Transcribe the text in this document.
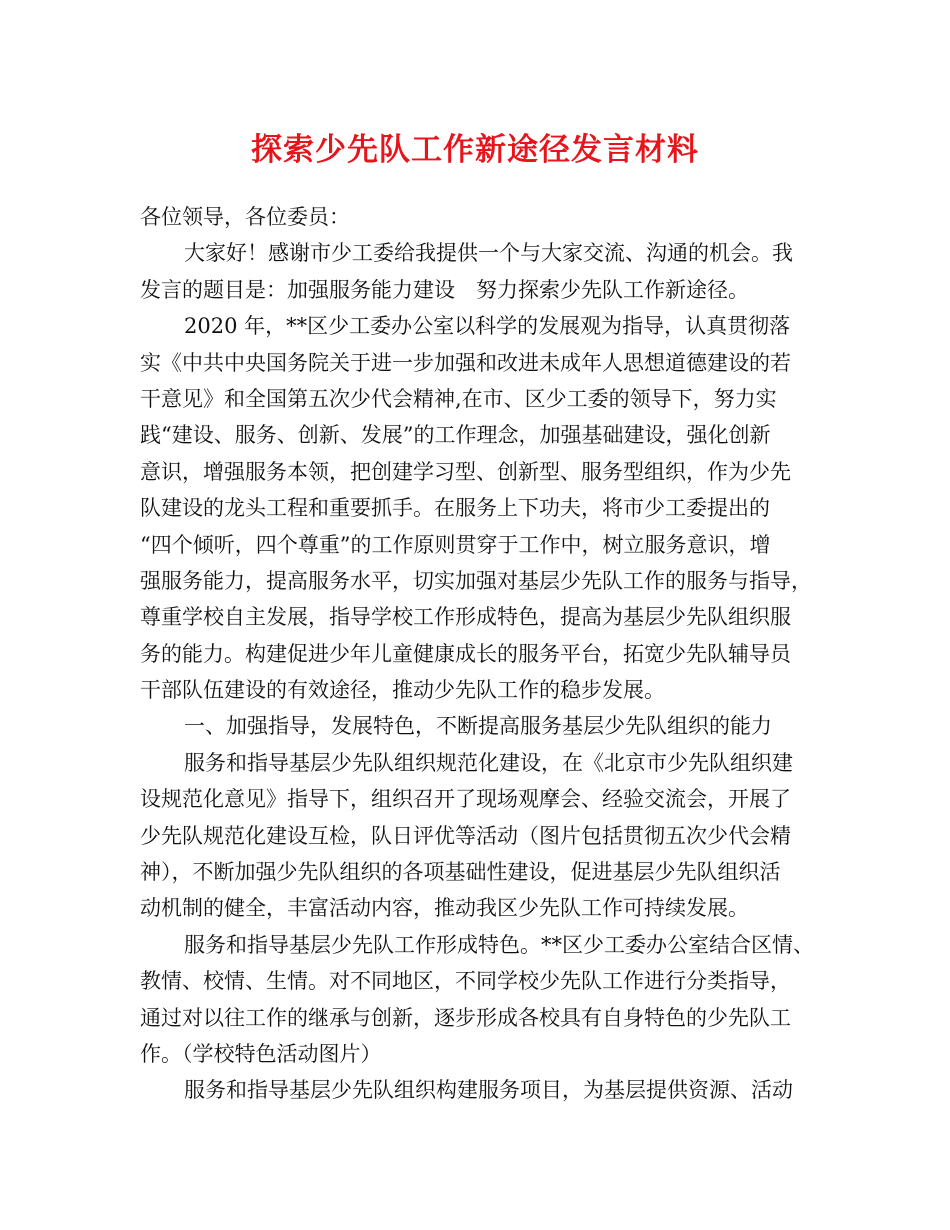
探索少先队工作新途径发言材料
各位领导，各位委员：
大家好！感谢市少工委给我提供一个与大家交流、沟通的机会。我
发言的题目是：加强服务能力建设　努力探索少先队工作新途径。
2020 年，**区少工委办公室以科学的发展观为指导，认真贯彻落
实《中共中央国务院关于进一步加强和改进未成年人思想道德建设的若
干意见》和全国第五次少代会精神,在市、区少工委的领导下，努力实
践“建设、服务、创新、发展”的工作理念，加强基础建设，强化创新
意识，增强服务本领，把创建学习型、创新型、服务型组织，作为少先
队建设的龙头工程和重要抓手。在服务上下功夫，将市少工委提出的
“四个倾听，四个尊重”的工作原则贯穿于工作中，树立服务意识，增
强服务能力，提高服务水平，切实加强对基层少先队工作的服务与指导，
尊重学校自主发展，指导学校工作形成特色，提高为基层少先队组织服
务的能力。构建促进少年儿童健康成长的服务平台，拓宽少先队辅导员
干部队伍建设的有效途径，推动少先队工作的稳步发展。
一、加强指导，发展特色，不断提高服务基层少先队组织的能力
服务和指导基层少先队组织规范化建设，在《北京市少先队组织建
设规范化意见》指导下，组织召开了现场观摩会、经验交流会，开展了
少先队规范化建设互检，队日评优等活动（图片包括贯彻五次少代会精
神），不断加强少先队组织的各项基础性建设，促进基层少先队组织活
动机制的健全，丰富活动内容，推动我区少先队工作可持续发展。
服务和指导基层少先队工作形成特色。**区少工委办公室结合区情、
教情、校情、生情。对不同地区，不同学校少先队工作进行分类指导，
通过对以往工作的继承与创新，逐步形成各校具有自身特色的少先队工
作。（学校特色活动图片）
服务和指导基层少先队组织构建服务项目，为基层提供资源、活动
